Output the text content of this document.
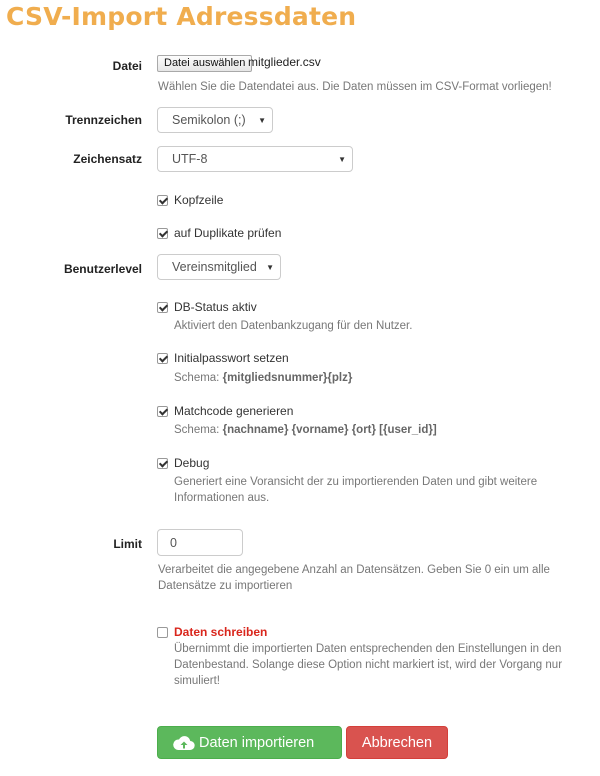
CSV-Import Adressdaten
Datei	Datei auswählen mitglieder.csv
Wählen Sie die Datendatei aus. Die Daten müssen im CSV-Format vorliegen!
Trennzeichen	Semikolon (;) ▼
Zeichensatz	UTF-8	▼
Kopfzeile
auf Duplikate prüfen
Benutzerlevel	Vereinsmitglied ▼
DB-Status aktiv
Aktiviert den Datenbankzugang für den Nutzer.
Initialpasswort setzen
Schema: {mitgliedsnummer}{plz}
Matchcode generieren
Schema: {nachname} {vorname} {ort} [{user_id}]
Debug
Generiert eine Voransicht der zu importierenden Daten und gibt weitere
Informationen aus.
Limit	0
Verarbeitet die angegebene Anzahl an Datensätzen. Geben Sie 0 ein um alle
Datensätze zu importieren
Daten schreiben
Übernimmt die importierten Daten entsprechenden den Einstellungen in den
Datenbestand. Solange diese Option nicht markiert ist, wird der Vorgang nur
simuliert!
Daten importieren	Abbrechen
